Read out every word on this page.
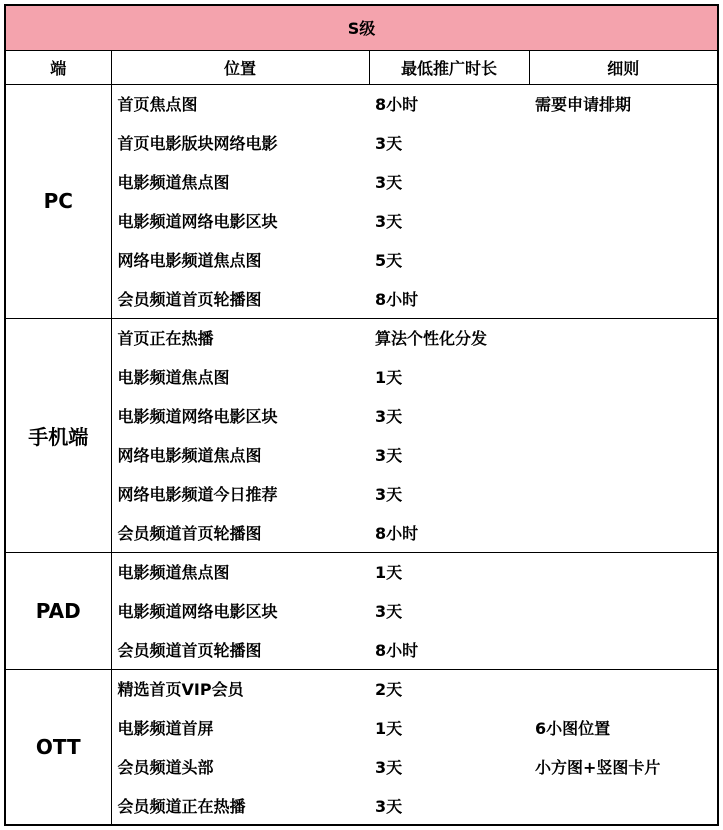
S级			
端	位置	最低推广时长	细则
PC	首页焦点图	8小时	需要申请排期
	首页电影版块网络电影	3天	
	电影频道焦点图	3天	
	电影频道网络电影区块	3天	
	网络电影频道焦点图	5天	
	会员频道首页轮播图	8小时	
手机端	首页正在热播	算法个性化分发	
	电影频道焦点图	1天	
	电影频道网络电影区块	3天	
	网络电影频道焦点图	3天	
	网络电影频道今日推荐	3天	
	会员频道首页轮播图	8小时	
PAD	电影频道焦点图	1天	
	电影频道网络电影区块	3天	
	会员频道首页轮播图	8小时	
OTT	精选首页VIP会员	2天	
	电影频道首屏	1天	6小图位置
	会员频道头部	3天	小方图+竖图卡片
	会员频道正在热播	3天	
